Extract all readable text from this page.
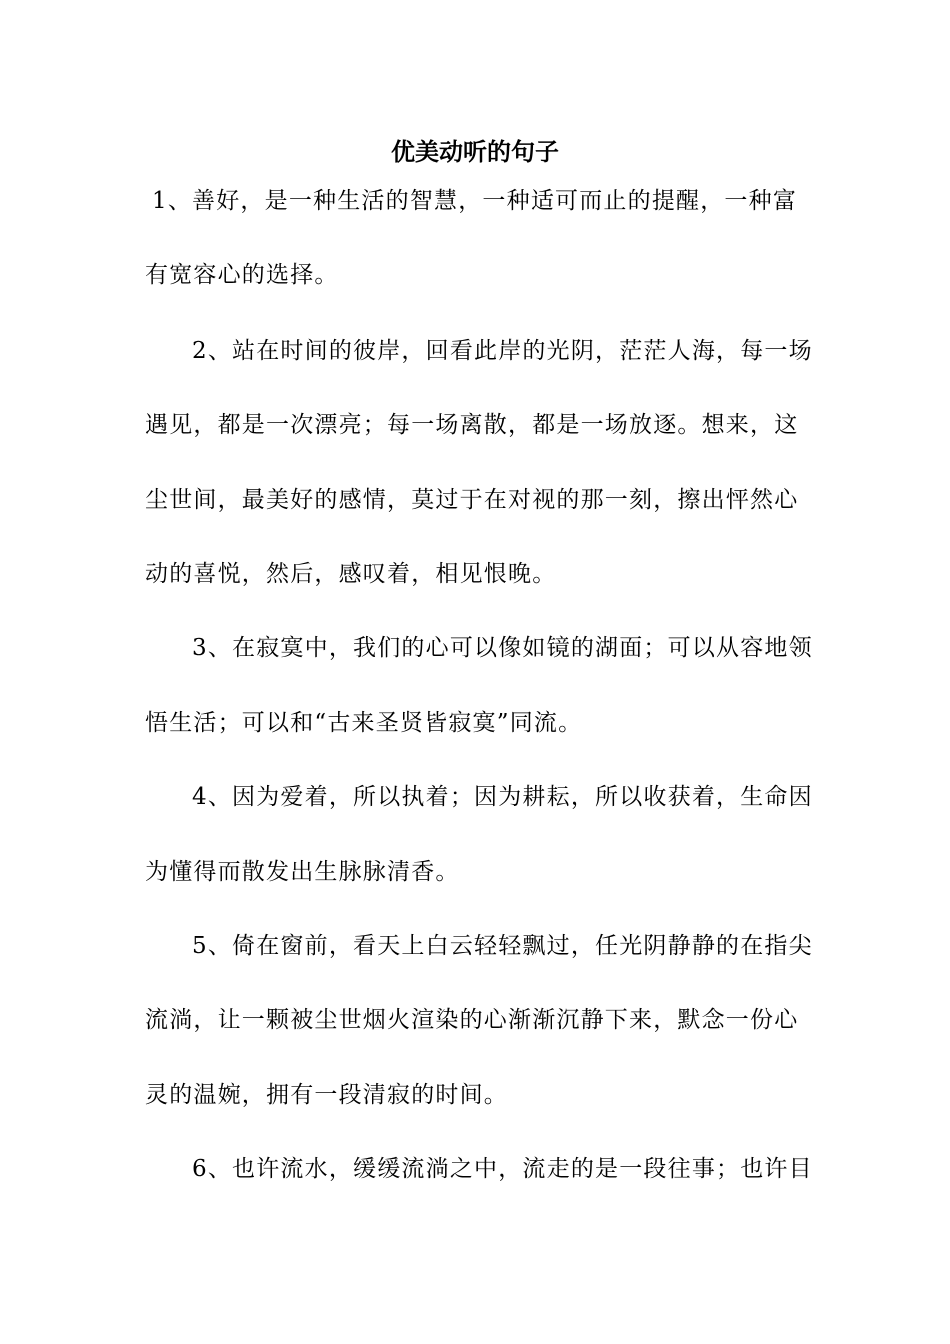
优美动听的句子
1、善好，是一种生活的智慧，一种适可而止的提醒，一种富
有宽容心的选择。
2、站在时间的彼岸，回看此岸的光阴，茫茫人海，每一场
遇见，都是一次漂亮；每一场离散，都是一场放逐。想来，这
尘世间，最美好的感情，莫过于在对视的那一刻，擦出怦然心
动的喜悦，然后，感叹着，相见恨晚。
3、在寂寞中，我们的心可以像如镜的湖面；可以从容地领
悟生活；可以和“古来圣贤皆寂寞”同流。
4、因为爱着，所以执着；因为耕耘，所以收获着，生命因
为懂得而散发出生脉脉清香。
5、倚在窗前，看天上白云轻轻飘过，任光阴静静的在指尖
流淌，让一颗被尘世烟火渲染的心渐渐沉静下来，默念一份心
灵的温婉，拥有一段清寂的时间。
6、也许流水，缓缓流淌之中，流走的是一段往事；也许目
